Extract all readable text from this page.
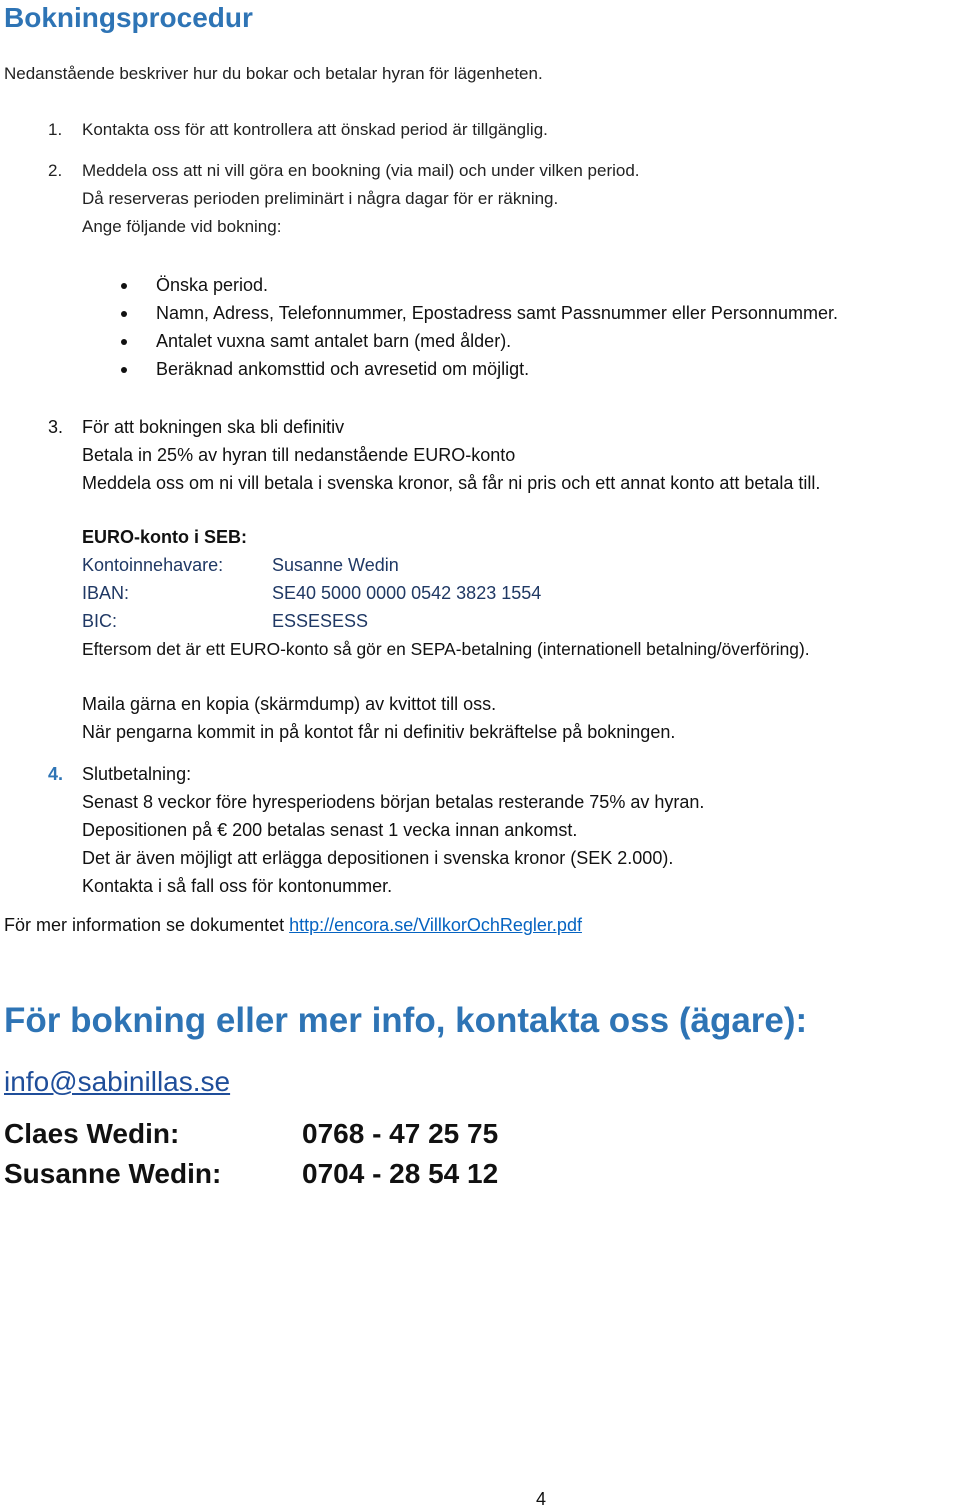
Bokningsprocedur
Nedanstående beskriver hur du bokar och betalar hyran för lägenheten.
1. Kontakta oss för att kontrollera att önskad period är tillgänglig.
2. Meddela oss att ni vill göra en bookning (via mail) och under vilken period.
Då reserveras perioden preliminärt i några dagar för er räkning.
Ange följande vid bokning:
Önska period.
Namn, Adress, Telefonnummer, Epostadress samt Passnummer eller Personnummer.
Antalet vuxna samt antalet barn (med ålder).
Beräknad ankomsttid och avresetid om möjligt.
3. För att bokningen ska bli definitiv
Betala in 25% av hyran till nedanstående EURO-konto
Meddela oss om ni vill betala i svenska kronor, så får ni pris och ett annat konto att betala till.
EURO-konto i SEB:
Kontoinnehavare:	Susanne Wedin
IBAN:	SE40 5000 0000 0542 3823 1554
BIC:	ESSESESS
Eftersom det är ett EURO-konto så gör en SEPA-betalning (internationell betalning/överföring).
Maila gärna en kopia (skärmdump) av kvittot till oss.
När pengarna kommit in på kontot får ni definitiv bekräftelse på bokningen.
4. Slutbetalning:
Senast 8 veckor före hyresperiodens början betalas resterande 75% av hyran.
Depositionen på € 200 betalas senast 1 vecka innan ankomst.
Det är även möjligt att erlägga depositionen i svenska kronor (SEK 2.000).
Kontakta i så fall oss för kontonummer.
För mer information se dokumentet http://encora.se/VillkorOchRegler.pdf
För bokning eller mer info, kontakta oss (ägare):
info@sabinillas.se
Claes Wedin:	0768 - 47 25 75
Susanne Wedin:	0704 - 28 54 12
4
